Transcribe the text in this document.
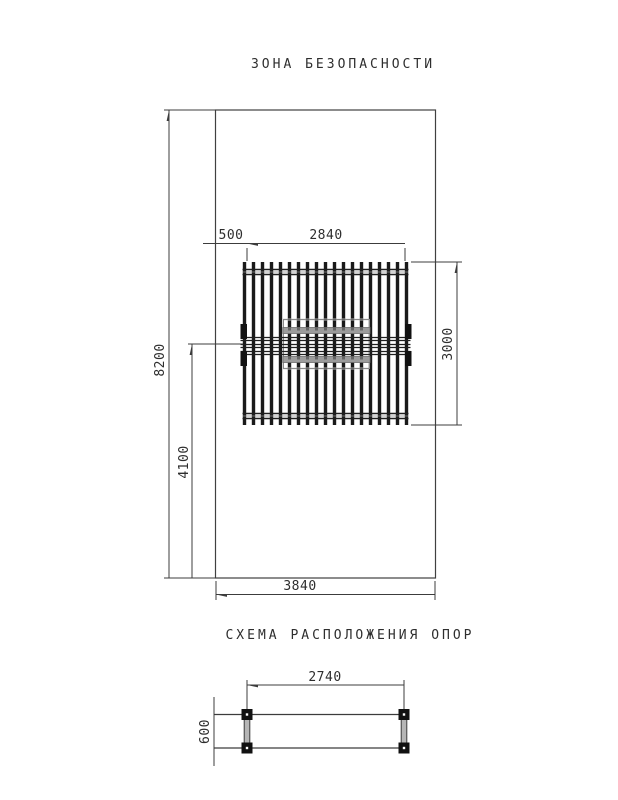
ЗОНА БЕЗОПАСНОСТИ
8200
4100
500	2840
3000
3840
СХЕМА РАСПОЛОЖЕНИЯ ОПОР
2740
600
